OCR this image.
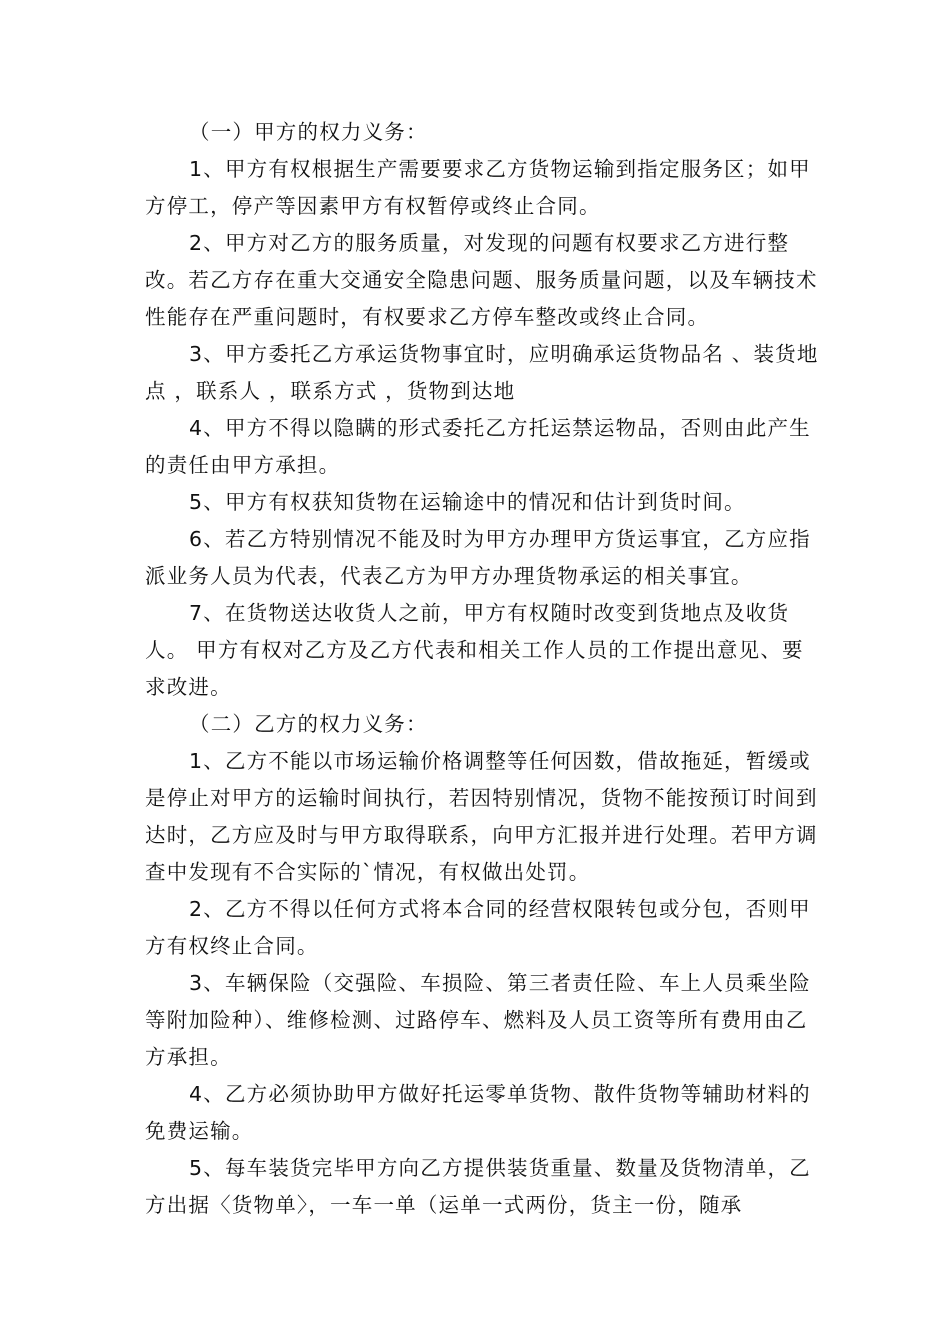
（一）甲方的权力义务：

1、甲方有权根据生产需要要求乙方货物运输到指定服务区；如甲方停工，停产等因素甲方有权暂停或终止合同。

2、甲方对乙方的服务质量，对发现的问题有权要求乙方进行整改。若乙方存在重大交通安全隐患问题、服务质量问题，以及车辆技术性能存在严重问题时，有权要求乙方停车整改或终止合同。

3、甲方委托乙方承运货物事宜时，应明确承运货物品名 、装货地点 ，联系人 ，联系方式 ，货物到达地

4、甲方不得以隐瞒的形式委托乙方托运禁运物品，否则由此产生的责任由甲方承担。

5、甲方有权获知货物在运输途中的情况和估计到货时间。

6、若乙方特别情况不能及时为甲方办理甲方货运事宜，乙方应指派业务人员为代表，代表乙方为甲方办理货物承运的相关事宜。

7、在货物送达收货人之前，甲方有权随时改变到货地点及收货人。 甲方有权对乙方及乙方代表和相关工作人员的工作提出意见、要求改进。

（二）乙方的权力义务：

1、乙方不能以市场运输价格调整等任何因数，借故拖延，暂缓或是停止对甲方的运输时间执行，若因特别情况，货物不能按预订时间到达时，乙方应及时与甲方取得联系，向甲方汇报并进行处理。若甲方调查中发现有不合实际的`情况，有权做出处罚。

2、乙方不得以任何方式将本合同的经营权限转包或分包，否则甲方有权终止合同。

3、车辆保险（交强险、车损险、第三者责任险、车上人员乘坐险等附加险种）、维修检测、过路停车、燃料及人员工资等所有费用由乙方承担。

4、乙方必须协助甲方做好托运零单货物、散件货物等辅助材料的免费运输。

5、每车装货完毕甲方向乙方提供装货重量、数量及货物清单，乙方出据〈货物单〉，一车一单（运单一式两份，货主一份，随承
